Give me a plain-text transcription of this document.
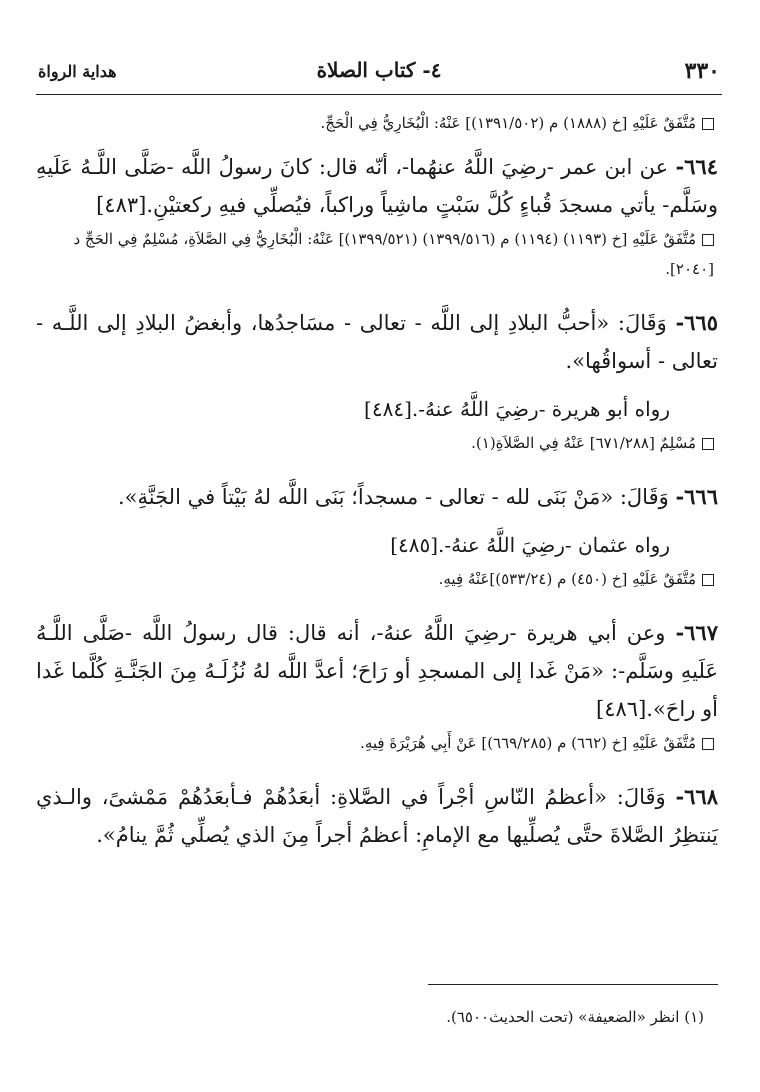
٣٣٠
٤- كتاب الصلاة
هداية الرواة

مُتَّفَقٌ عَلَيْهِ [خ (١٨٨٨) م (١٣٩١/٥٠٢)] عَنْهُ: الْبُخَارِيُّ فِي الْحَجِّ.

٦٦٤- عن ابن عمر -رضِيَ اللَّهُ عنهُما-، أنّه قال: كانَ رسولُ اللَّه -صَلَّى اللَّـهُ عَلَيهِ وسَلَّم- يأتي مسجدَ قُباءٍ كُلَّ سَبْتٍ ماشِياً وراكباً، فيُصلِّي فيهِ ركعتيْنِ.[٤٨٣]

مُتَّفَقٌ عَلَيْهِ [خ (١١٩٣) (١١٩٤) م (١٣٩٩/٥١٦) (١٣٩٩/٥٢١)] عَنْهُ: الْبُخَارِيُّ فِي الصَّلاَةِ، مُسْلِمٌ فِي الحَجِّ د [٢٠٤٠].

٦٦٥- وَقَالَ: «أحبُّ البلادِ إلى اللَّه - تعالى - مسَاجدُها، وأبغضُ البلادِ إلى اللَّـه - تعالى - أسواقُها».

رواه أبو هريرة -رضِيَ اللَّهُ عنهُ-.[٤٨٤]

مُسْلِمٌ [٦٧١/٢٨٨] عَنْهُ فِي الصَّلاَةِ(١).

٦٦٦- وَقَالَ: «مَنْ بَنَى لله - تعالى - مسجداً؛ بَنَى اللَّه لهُ بَيْتاً في الجَنَّةِ».

رواه عثمان -رضِيَ اللَّهُ عنهُ-.[٤٨٥]

مُتَّفَقٌ عَلَيْهِ [خ (٤٥٠) م (٥٣٣/٢٤)]عَنْهُ فِيهِ.

٦٦٧- وعن أبي هريرة -رضِيَ اللَّهُ عنهُ-، أنه قال: قال رسولُ اللَّه -صَلَّى اللَّـهُ عَلَيهِ وسَلَّم-: «مَنْ غَدا إلى المسجدِ أو رَاحَ؛ أعدَّ اللَّه لهُ نُزُلَـهُ مِنَ الجَنَّـةِ كُلَّما غَدا أو راحَ».[٤٨٦]

مُتَّفَقٌ عَلَيْهِ [خ (٦٦٢) م (٦٦٩/٢٨٥)] عَنْ أَبِي هُرَيْرَةَ فِيهِ.

٦٦٨- وَقَالَ: «أعظمُ النّاسِ أجْراً في الصَّلاةِ: أبعَدُهُمْ فـأبعَدُهُمْ مَمْشىً، والـذي يَنتظِرُ الصَّلاةَ حتَّى يُصلِّيها مع الإمامِ: أعظمُ أجراً مِنَ الذي يُصلِّي ثُمَّ ينامُ».

(١) انظر «الضعيفة» (تحت الحديث٦٥٠٠).
